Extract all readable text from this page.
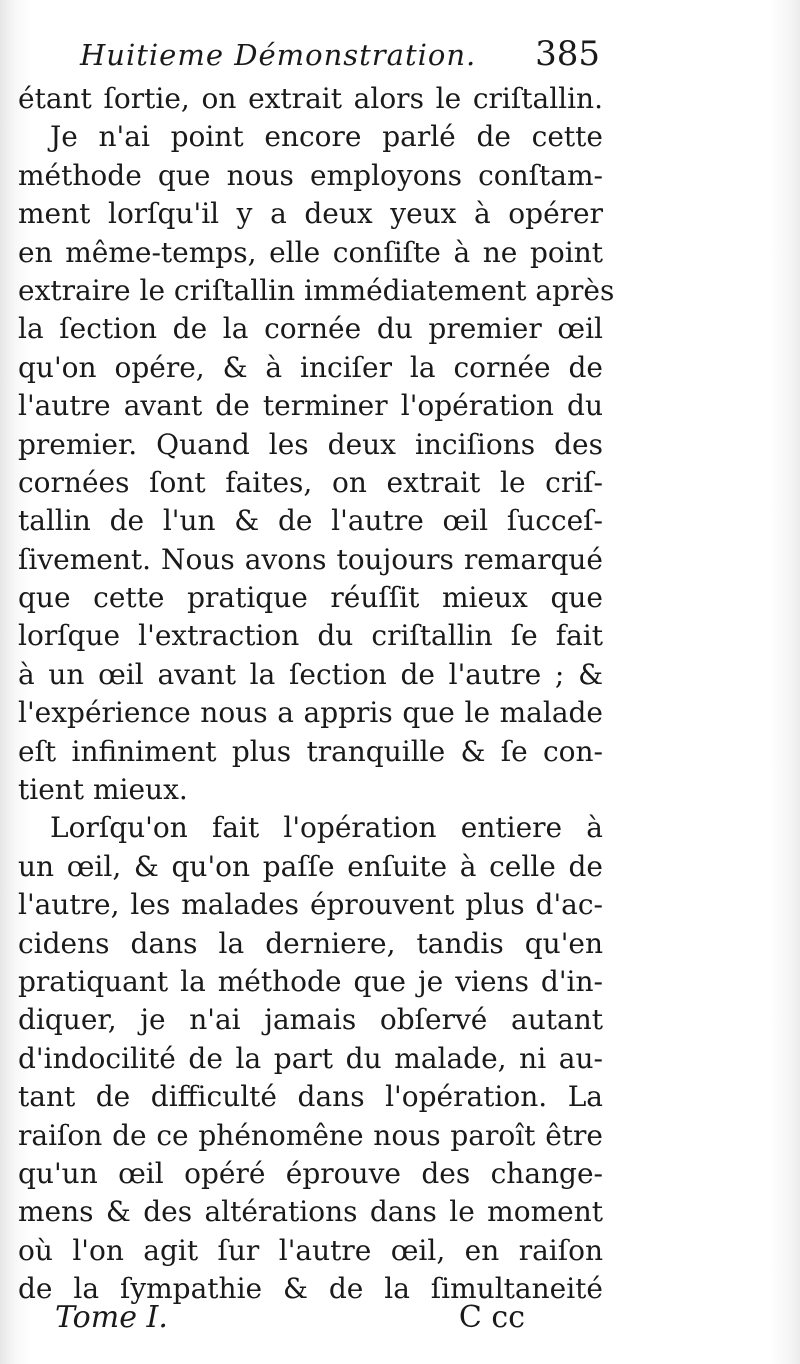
Huitieme Démonstration. 385
étant ſortie, on extrait alors le criſtallin.
Je n'ai point encore parlé de cette
méthode que nous employons conſtam-
ment lorſqu'il y a deux yeux à opérer
en même-temps, elle conſiſte à ne point
extraire le criſtallin immédiatement après
la ſection de la cornée du premier œil
qu'on opére, & à inciſer la cornée de
l'autre avant de terminer l'opération du
premier. Quand les deux inciſions des
cornées ſont faites, on extrait le criſ-
tallin de l'un & de l'autre œil ſucceſ-
ſivement. Nous avons toujours remarqué
que cette pratique réuſſit mieux que
lorſque l'extraction du criſtallin ſe fait
à un œil avant la ſection de l'autre ; &
l'expérience nous a appris que le malade
eſt infiniment plus tranquille & ſe con-
tient mieux.
Lorſqu'on fait l'opération entiere à
un œil, & qu'on paſſe enſuite à celle de
l'autre, les malades éprouvent plus d'ac-
cidens dans la derniere, tandis qu'en
pratiquant la méthode que je viens d'in-
diquer, je n'ai jamais obſervé autant
d'indocilité de la part du malade, ni au-
tant de difficulté dans l'opération. La
raiſon de ce phénomêne nous paroît être
qu'un œil opéré éprouve des change-
mens & des altérations dans le moment
où l'on agit ſur l'autre œil, en raiſon
de la ſympathie & de la ſimultaneité
Tome I.	C cc
